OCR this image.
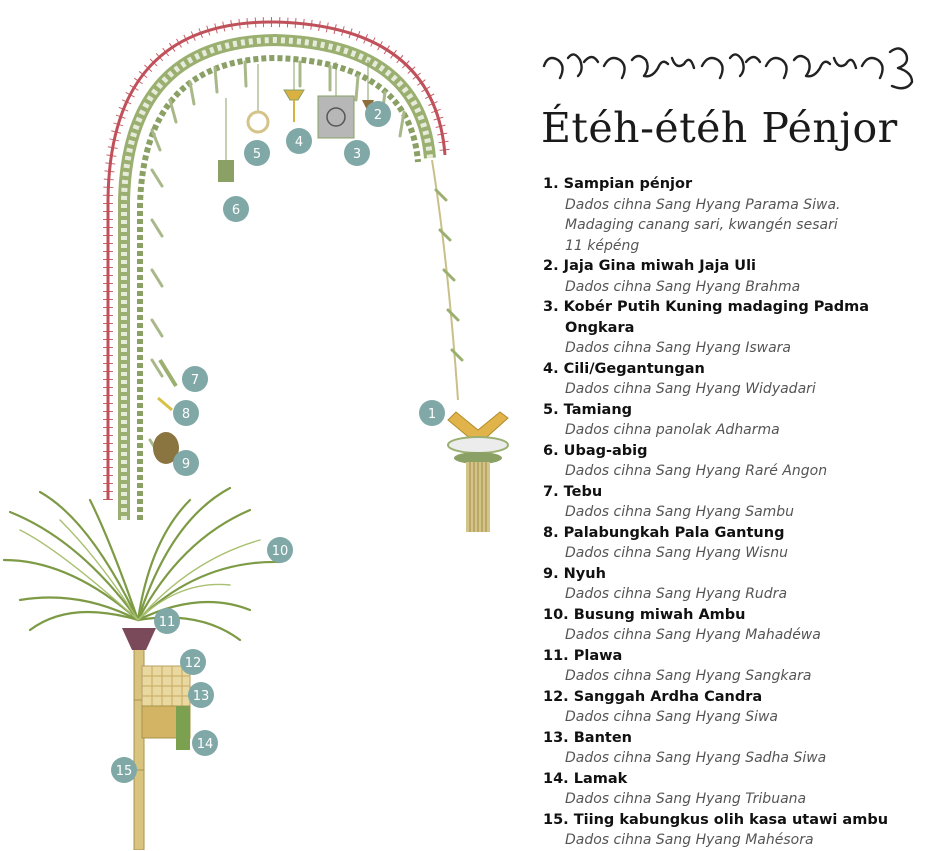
1
2
3
4
5
6
7
8
9
10
11
12
13
14
15
ᬏᬢᬾᬳ᭄ᬏᬢᬾᬳ᭄ᬧᬾᬜ᭄ᬚᭀᬃ
Étéh-étéh Pénjor
1. Sampian pénjor
Dados cihna Sang Hyang Parama Siwa.
Madaging canang sari, kwangén sesari
11 képéng
2. Jaja Gina miwah Jaja Uli
Dados cihna Sang Hyang Brahma
3. Kobér Putih Kuning madaging Padma
Ongkara
Dados cihna Sang Hyang Iswara
4. Cili/Gegantungan
Dados cihna Sang Hyang Widyadari
5. Tamiang
Dados cihna panolak Adharma
6. Ubag-abig
Dados cihna Sang Hyang Raré Angon
7. Tebu
Dados cihna Sang Hyang Sambu
8. Palabungkah Pala Gantung
Dados cihna Sang Hyang Wisnu
9. Nyuh
Dados cihna Sang Hyang Rudra
10. Busung miwah Ambu
Dados cihna Sang Hyang Mahadéwa
11. Plawa
Dados cihna Sang Hyang Sangkara
12. Sanggah Ardha Candra
Dados cihna Sang Hyang Siwa
13. Banten
Dados cihna Sang Hyang Sadha Siwa
14. Lamak
Dados cihna Sang Hyang Tribuana
15. Tiing kabungkus olih kasa utawi ambu
Dados cihna Sang Hyang Mahésora
